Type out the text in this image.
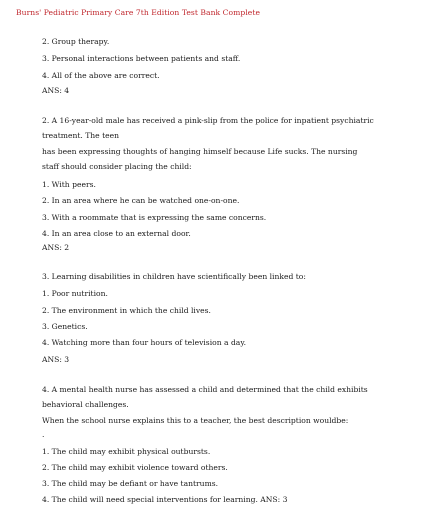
Burns' Pediatric Primary Care 7th Edition Test Bank Complete
2. Group therapy.
3. Personal interactions between patients and staff.
4. All of the above are correct.
ANS: 4
2. A 16-year-old male has received a pink-slip from the police for inpatient psychiatric
treatment. The teen
has been expressing thoughts of hanging himself because Life sucks. The nursing
staff should consider placing the child:
1. With peers.
2. In an area where he can be watched one-on-one.
3. With a roommate that is expressing the same concerns.
4. In an area close to an external door.
ANS: 2
3. Learning disabilities in children have scientifically been linked to:
1. Poor nutrition.
2. The environment in which the child lives.
3. Genetics.
4. Watching more than four hours of television a day.
ANS: 3
4. A mental health nurse has assessed a child and determined that the child exhibits
behavioral challenges.
When the school nurse explains this to a teacher, the best description wouldbe:
.
1. The child may exhibit physical outbursts.
2. The child may exhibit violence toward others.
3. The child may be defiant or have tantrums.
4. The child will need special interventions for learning. ANS: 3
